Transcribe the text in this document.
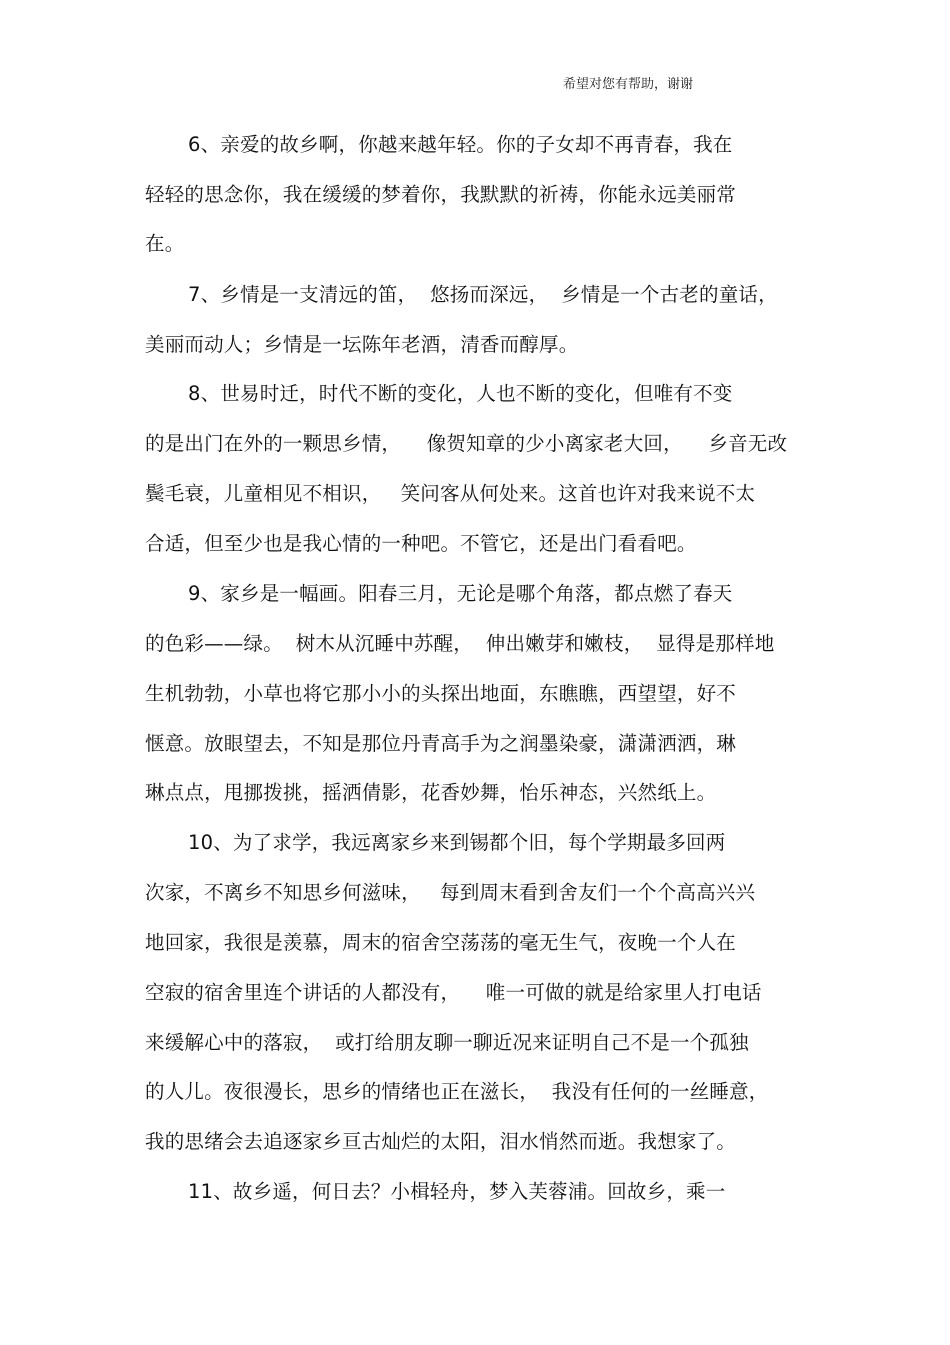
希望对您有帮助，谢谢
6、亲爱的故乡啊，你越来越年轻。你的子女却不再青春，我在
轻轻的思念你，我在缓缓的梦着你，我默默的祈祷，你能永远美丽常
在。
7、乡情是一支清远的笛，  悠扬而深远，  乡情是一个古老的童话，
美丽而动人；乡情是一坛陈年老酒，清香而醇厚。
8、世易时迁，时代不断的变化，人也不断的变化，但唯有不变
的是出门在外的一颗思乡情，    像贺知章的少小离家老大回，    乡音无改
鬓毛衰，儿童相见不相识，   笑问客从何处来。这首也许对我来说不太
合适，但至少也是我心情的一种吧。不管它，还是出门看看吧。
9、家乡是一幅画。阳春三月，无论是哪个角落，都点燃了春天
的色彩——绿。  树木从沉睡中苏醒，  伸出嫩芽和嫩枝，  显得是那样地
生机勃勃，小草也将它那小小的头探出地面，东瞧瞧，西望望，好不
惬意。放眼望去，不知是那位丹青高手为之润墨染豪，潇潇洒洒，琳
琳点点，甩挪拨挑，摇洒倩影，花香妙舞，怡乐神态，兴然纸上。
10、为了求学，我远离家乡来到锡都个旧，每个学期最多回两
次家，不离乡不知思乡何滋味，   每到周末看到舍友们一个个高高兴兴
地回家，我很是羡慕，周末的宿舍空荡荡的毫无生气，夜晚一个人在
空寂的宿舍里连个讲话的人都没有，    唯一可做的就是给家里人打电话
来缓解心中的落寂，  或打给朋友聊一聊近况来证明自己不是一个孤独
的人儿。夜很漫长，思乡的情绪也正在滋长，  我没有任何的一丝睡意，
我的思绪会去追逐家乡亘古灿烂的太阳，泪水悄然而逝。我想家了。
11、故乡遥，何日去？小楫轻舟，梦入芙蓉浦。回故乡，乘一
